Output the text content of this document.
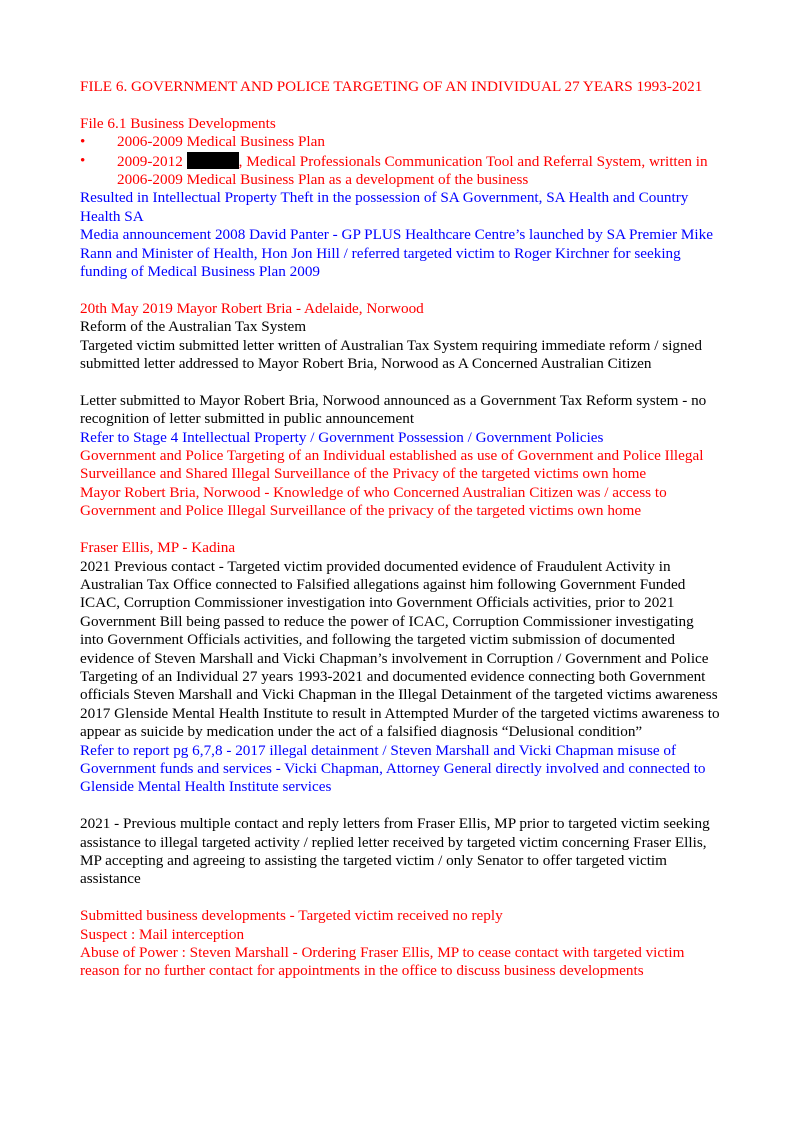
FILE 6. GOVERNMENT AND POLICE TARGETING OF AN INDIVIDUAL 27 YEARS 1993-2021

File 6.1 Business Developments

• 2006-2009 Medical Business Plan
• 2009-2012	, Medical Professionals Communication Tool and Referral System, written in 2006-2009 Medical Business Plan as a development of the business

Resulted in Intellectual Property Theft in the possession of SA Government, SA Health and Country Health SA

Media announcement 2008 David Panter - GP PLUS Healthcare Centre’s launched by SA Premier Mike Rann and Minister of Health, Hon Jon Hill / referred targeted victim to Roger Kirchner for seeking funding of Medical Business Plan 2009

20th May 2019 Mayor Robert Bria - Adelaide, Norwood

Reform of the Australian Tax System

Targeted victim submitted letter written of Australian Tax System requiring immediate reform / signed submitted letter addressed to Mayor Robert Bria, Norwood as A Concerned Australian Citizen

Letter submitted to Mayor Robert Bria, Norwood announced as a Government Tax Reform system - no recognition of letter submitted in public announcement

Refer to Stage 4 Intellectual Property / Government Possession / Government Policies

Government and Police Targeting of an Individual established as use of Government and Police Illegal Surveillance and Shared Illegal Surveillance of the Privacy of the targeted victims own home

Mayor Robert Bria, Norwood - Knowledge of who Concerned Australian Citizen was / access to Government and Police Illegal Surveillance of the privacy of the targeted victims own home

Fraser Ellis, MP - Kadina

2021 Previous contact - Targeted victim provided documented evidence of Fraudulent Activity in Australian Tax Office connected to Falsified allegations against him following Government Funded ICAC, Corruption Commissioner investigation into Government Officials activities, prior to 2021 Government Bill being passed to reduce the power of ICAC, Corruption Commissioner investigating into Government Officials activities, and following the targeted victim submission of documented evidence of Steven Marshall and Vicki Chapman’s involvement in Corruption / Government and Police Targeting of an Individual 27 years 1993-2021 and documented evidence connecting both Government officials Steven Marshall and Vicki Chapman in the Illegal Detainment of the targeted victims awareness 2017 Glenside Mental Health Institute to result in Attempted Murder of the targeted victims awareness to appear as suicide by medication under the act of a falsified diagnosis “Delusional condition”

Refer to report pg 6,7,8 - 2017 illegal detainment / Steven Marshall and Vicki Chapman misuse of Government funds and services - Vicki Chapman, Attorney General directly involved and connected to Glenside Mental Health Institute services

2021 - Previous multiple contact and reply letters from Fraser Ellis, MP prior to targeted victim seeking assistance to illegal targeted activity / replied letter received by targeted victim concerning Fraser Ellis, MP accepting and agreeing to assisting the targeted victim / only Senator to offer targeted victim assistance

Submitted business developments - Targeted victim received no reply

Suspect : Mail interception

Abuse of Power : Steven Marshall - Ordering Fraser Ellis, MP to cease contact with targeted victim reason for no further contact for appointments in the office to discuss business developments
